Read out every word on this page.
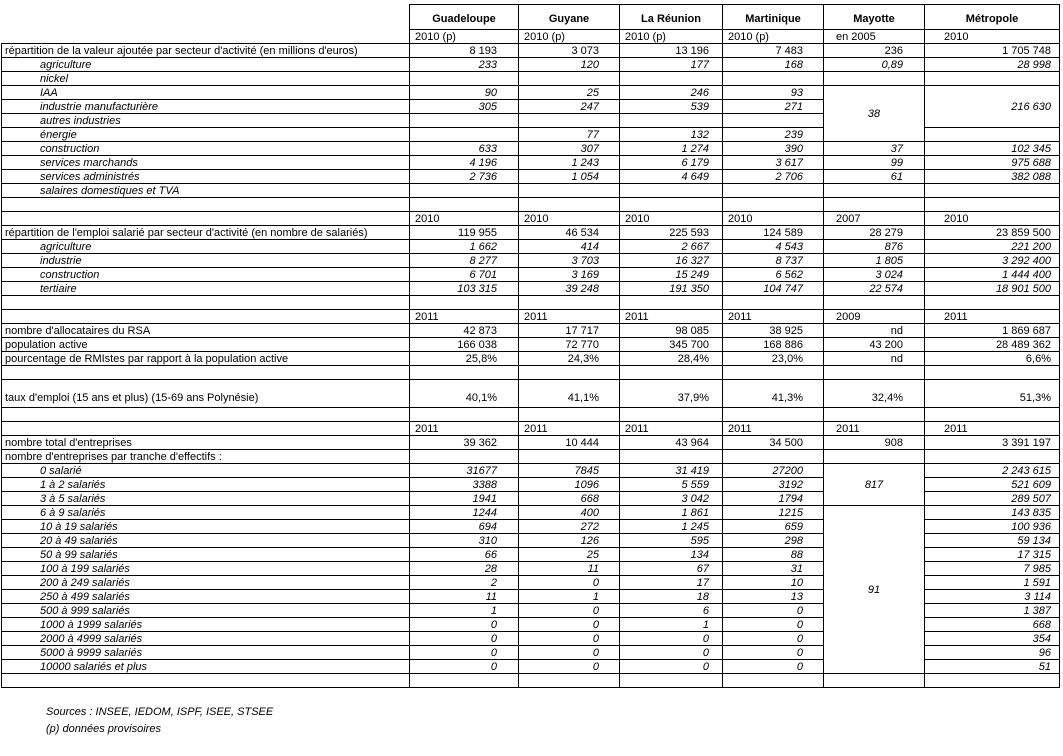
	Guadeloupe	Guyane	La Réunion	Martinique	Mayotte	Métropole
	2010 (p)	2010 (p)	2010 (p)	2010 (p)	en 2005	2010
répartition de la valeur ajoutée par secteur d'activité (en millions d'euros)	8 193	3 073	13 196	7 483	236	1 705 748
agriculture	233	120	177	168	0,89	28 998
nickel						
IAA	90	25	246	93	38	216 630
industrie manufacturière	305	247	539	271		
autres industries						
énergie		77	132	239		
construction	633	307	1 274	390	37	102 345
services marchands	4 196	1 243	6 179	3 617	99	975 688
services administrés	2 736	1 054	4 649	2 706	61	382 088
salaires domestiques et TVA						

	2010	2010	2010	2010	2007	2010
répartition de l'emploi salarié par secteur d'activité (en nombre de salariés)	119 955	46 534	225 593	124 589	28 279	23 859 500
agriculture	1 662	414	2 667	4 543	876	221 200
industrie	8 277	3 703	16 327	8 737	1 805	3 292 400
construction	6 701	3 169	15 249	6 562	3 024	1 444 400
tertiaire	103 315	39 248	191 350	104 747	22 574	18 901 500

	2011	2011	2011	2011	2009	2011
nombre d'allocataires du RSA	42 873	17 717	98 085	38 925	nd	1 869 687
population active	166 038	72 770	345 700	168 886	43 200	28 489 362
pourcentage de RMIstes par rapport à la population active	25,8%	24,3%	28,4%	23,0%	nd	6,6%

taux d'emploi (15 ans et plus) (15-69 ans Polynésie)	40,1%	41,1%	37,9%	41,3%	32,4%	51,3%

	2011	2011	2011	2011	2011	2011
nombre total d'entreprises	39 362	10 444	43 964	34 500	908	3 391 197
nombre d'entreprises par tranche d'effectifs :						
0 salarié	31677	7845	31 419	27200	817	2 243 615
1 à 2 salariés	3388	1096	5 559	3192		521 609
3 à 5 salariés	1941	668	3 042	1794		289 507
6 à 9 salariés	1244	400	1 861	1215	91	143 835
10 à 19 salariés	694	272	1 245	659		100 936
20 à 49 salariés	310	126	595	298		59 134
50 à 99 salariés	66	25	134	88		17 315
100 à 199 salariés	28	11	67	31		7 985
200 à 249 salariés	2	0	17	10		1 591
250 à 499 salariés	11	1	18	13		3 114
500 à 999 salariés	1	0	6	0		1 387
1000 à 1999 salariés	0	0	1	0		668
2000 à 4999 salariés	0	0	0	0		354
5000 à 9999 salariés	0	0	0	0		96
10000 salariés et plus	0	0	0	0		51

Sources : INSEE, IEDOM, ISPF, ISEE, STSEE
(p) données provisoires
